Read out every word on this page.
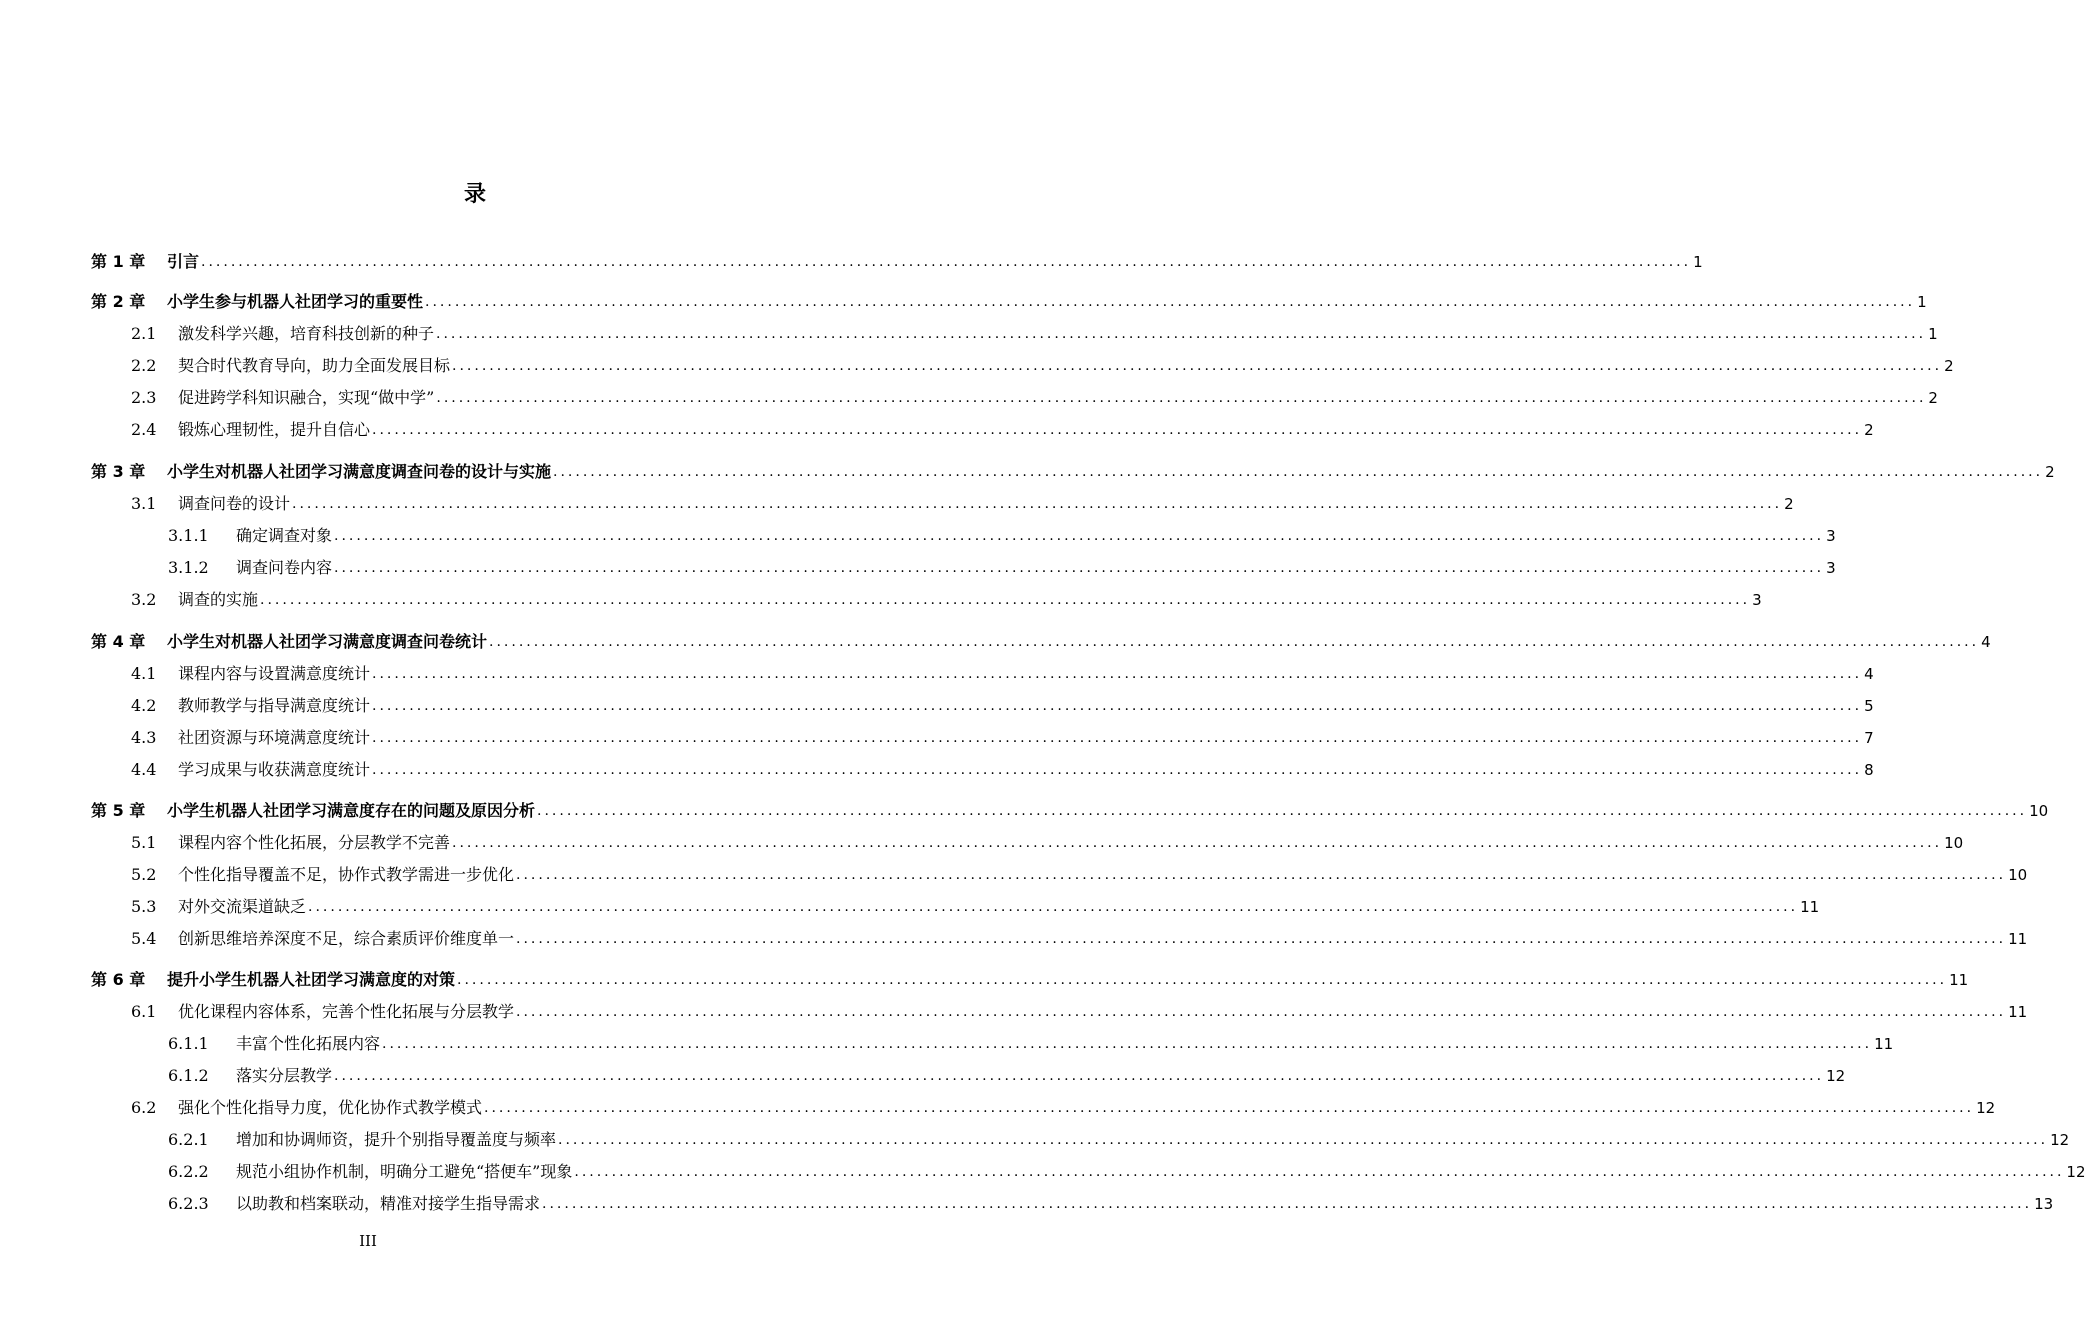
录
第 1 章	引言 ........................................................................................................................................................................................................ 1
第 2 章	小学生参与机器人社团学习的重要性 ........................................................................................................................................................................................................ 1
2.1	激发科学兴趣，培育科技创新的种子 ........................................................................................................................................................................................................ 1
2.2	契合时代教育导向，助力全面发展目标 ........................................................................................................................................................................................................ 2
2.3	促进跨学科知识融合，实现“做中学” ........................................................................................................................................................................................................ 2
2.4	锻炼心理韧性，提升自信心 ........................................................................................................................................................................................................ 2
第 3 章	小学生对机器人社团学习满意度调查问卷的设计与实施 ........................................................................................................................................................................................................ 2
3.1	调查问卷的设计 ........................................................................................................................................................................................................ 2
3.1.1	确定调查对象 ........................................................................................................................................................................................................ 3
3.1.2	调查问卷内容 ........................................................................................................................................................................................................ 3
3.2	调查的实施 ........................................................................................................................................................................................................ 3
第 4 章	小学生对机器人社团学习满意度调查问卷统计 ........................................................................................................................................................................................................ 4
4.1	课程内容与设置满意度统计 ........................................................................................................................................................................................................ 4
4.2	教师教学与指导满意度统计 ........................................................................................................................................................................................................ 5
4.3	社团资源与环境满意度统计 ........................................................................................................................................................................................................ 7
4.4	学习成果与收获满意度统计 ........................................................................................................................................................................................................ 8
第 5 章	小学生机器人社团学习满意度存在的问题及原因分析 ........................................................................................................................................................................................................ 10
5.1	课程内容个性化拓展，分层教学不完善 ........................................................................................................................................................................................................ 10
5.2	个性化指导覆盖不足，协作式教学需进一步优化 ........................................................................................................................................................................................................ 10
5.3	对外交流渠道缺乏 ........................................................................................................................................................................................................ 11
5.4	创新思维培养深度不足，综合素质评价维度单一 ........................................................................................................................................................................................................ 11
第 6 章	提升小学生机器人社团学习满意度的对策 ........................................................................................................................................................................................................ 11
6.1	优化课程内容体系，完善个性化拓展与分层教学 ........................................................................................................................................................................................................ 11
6.1.1	丰富个性化拓展内容 ........................................................................................................................................................................................................ 11
6.1.2	落实分层教学 ........................................................................................................................................................................................................ 12
6.2	强化个性化指导力度，优化协作式教学模式 ........................................................................................................................................................................................................ 12
6.2.1	增加和协调师资，提升个别指导覆盖度与频率 ........................................................................................................................................................................................................ 12
6.2.2	规范小组协作机制，明确分工避免“搭便车”现象 ........................................................................................................................................................................................................ 12
6.2.3	以助教和档案联动，精准对接学生指导需求 ........................................................................................................................................................................................................ 13
III
